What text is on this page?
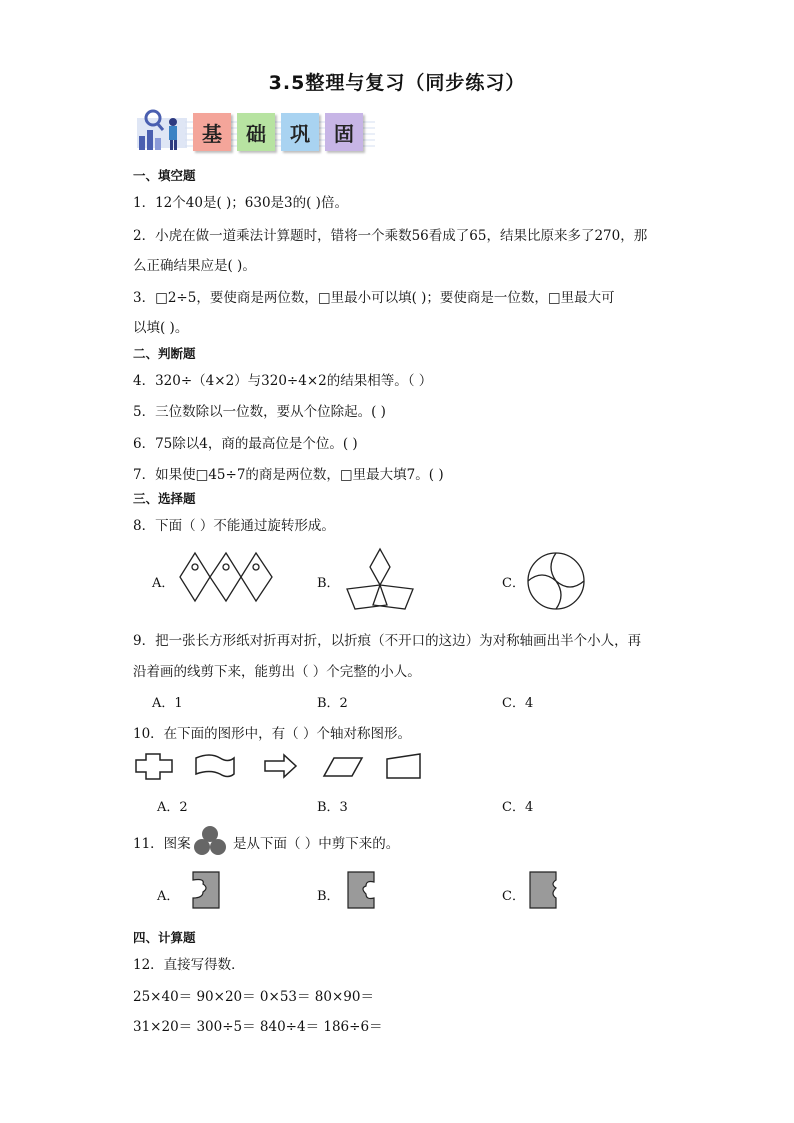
3.5整理与复习（同步练习）
基	础	巩	固
一、填空题
1．12个40是( )；630是3的( )倍。
2．小虎在做一道乘法计算题时，错将一个乘数56看成了65，结果比原来多了270，那
么正确结果应是( )。
3．□2÷5，要使商是两位数，□里最小可以填( )；要使商是一位数，□里最大可
以填( )。
二、判断题
4．320÷（4×2）与320÷4×2的结果相等。（ ）
5．三位数除以一位数，要从个位除起。( )
6．75除以4，商的最高位是个位。( )
7．如果使□45÷7的商是两位数，□里最大填7。( )
三、选择题
8．下面（ ）不能通过旋转形成。
A．	B．	C．
9．把一张长方形纸对折再对折，以折痕（不开口的这边）为对称轴画出半个小人，再
沿着画的线剪下来，能剪出（ ）个完整的小人。
A．1	B．2	C．4
10．在下面的图形中，有（ ）个轴对称图形。
A．2	B．3	C．4
11．图案	是从下面（ ）中剪下来的。
A．	B．	C．
四、计算题
12．直接写得数．
25×40＝ 90×20＝ 0×53＝ 80×90＝
31×20＝ 300÷5＝ 840÷4＝ 186÷6＝
